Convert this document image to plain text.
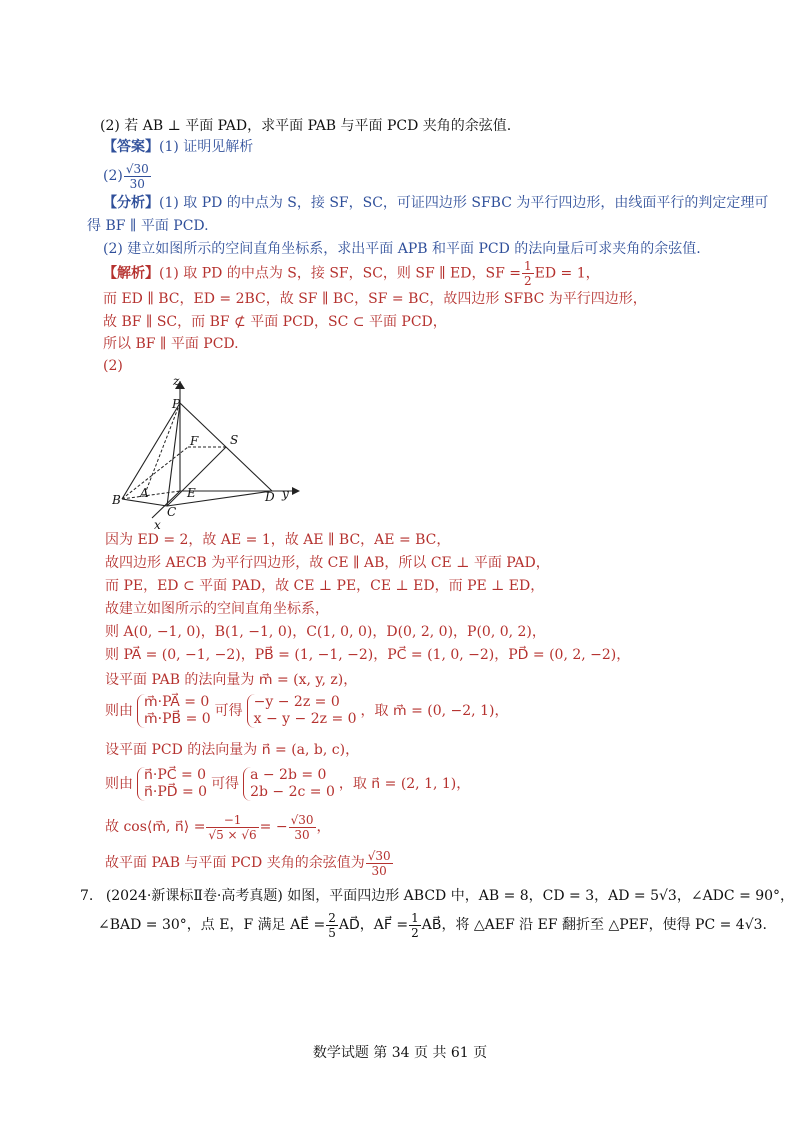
(2) 若 AB ⊥ 平面 PAD，求平面 PAB 与平面 PCD 夹角的余弦值.
【答案】(1) 证明见解析
$(2) \frac{√30}{30}$
【分析】(1) 取 PD 的中点为 S，接 SF，SC，可证四边形 SFBC 为平行四边形，由线面平行的判定定理可
得 BF ∥ 平面 PCD.
(2) 建立如图所示的空间直角坐标系，求出平面 APB 和平面 PCD 的法向量后可求夹角的余弦值.
【解析】(1) 取 PD 的中点为 S，接 SF，SC，则 SF ∥ ED，SF = $\frac{1}{2}$ ED = 1，
而 ED ∥ BC，ED = 2BC，故 SF ∥ BC，SF = BC，故四边形 SFBC 为平行四边形，
故 BF ∥ SC，而 BF ⊄ 平面 PCD，SC ⊂ 平面 PCD，
所以 BF ∥ 平面 PCD.
(2)
z
P
F	S
B A	E	D y
C
x
因为 ED = 2，故 AE = 1，故 AE ∥ BC，AE = BC，
故四边形 AECB 为平行四边形，故 CE ∥ AB，所以 CE ⊥ 平面 PAD，
而 PE，ED ⊂ 平面 PAD，故 CE ⊥ PE，CE ⊥ ED，而 PE ⊥ ED，
故建立如图所示的空间直角坐标系，
则 A(0, −1, 0)，B(1, −1, 0)，C(1, 0, 0)，D(0, 2, 0)，P(0, 0, 2)，
则 PA⃗ = (0, −1, −2)，PB⃗ = (1, −1, −2)，PC⃗ = (1, 0, −2)，PD⃗ = (0, 2, −2)，
设平面 PAB 的法向量为 m⃗ = (x, y, z)，
则由
m⃗·PA⃗ = 0
m⃗·PB⃗ = 0 可得
−y − 2z = 0
x − y − 2z = 0 ，取 m⃗ = (0, −2, 1)，
设平面 PCD 的法向量为 n⃗ = (a, b, c)，
则由
n⃗·PC⃗ = 0
n⃗·PD⃗ = 0 可得
a − 2b = 0
2b − 2c = 0 ，取 n⃗ = (2, 1, 1)，
故 cos⟨m⃗, n⃗⟩ = $\frac{-1}{√5 \times √6}$ = − $\frac{√30}{30}$ ，
故平面 PAB 与平面 PCD 夹角的余弦值为 $\frac{√30}{30}$
7. (2024·新课标Ⅱ卷·高考真题) 如图，平面四边形 ABCD 中，AB = 8，CD = 3，AD = 5√3，∠ADC = 90°，
∠BAD = 30°，点 E，F 满足 AE⃗ = $\frac{2}{5}$ AD⃗，AF⃗ = $\frac{1}{2}$ AB⃗，将 △AEF 沿 EF 翻折至 △PEF，使得 PC = 4√3.
数学试题 第 34 页 共 61 页
